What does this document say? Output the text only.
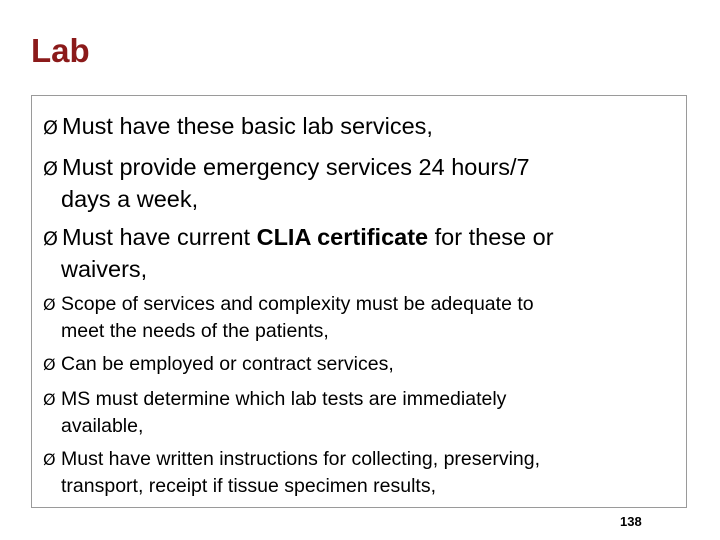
Lab

Ø Must have these basic lab services,

Ø Must provide emergency services 24 hours/7
days a week,

Ø Must have current CLIA certificate for these or
waivers,

Ø Scope of services and complexity must be adequate to
meet the needs of the patients,

Ø Can be employed or contract services,

Ø MS must determine which lab tests are immediately
available,

Ø Must have written instructions for collecting, preserving,
transport, receipt if tissue specimen results,

138
